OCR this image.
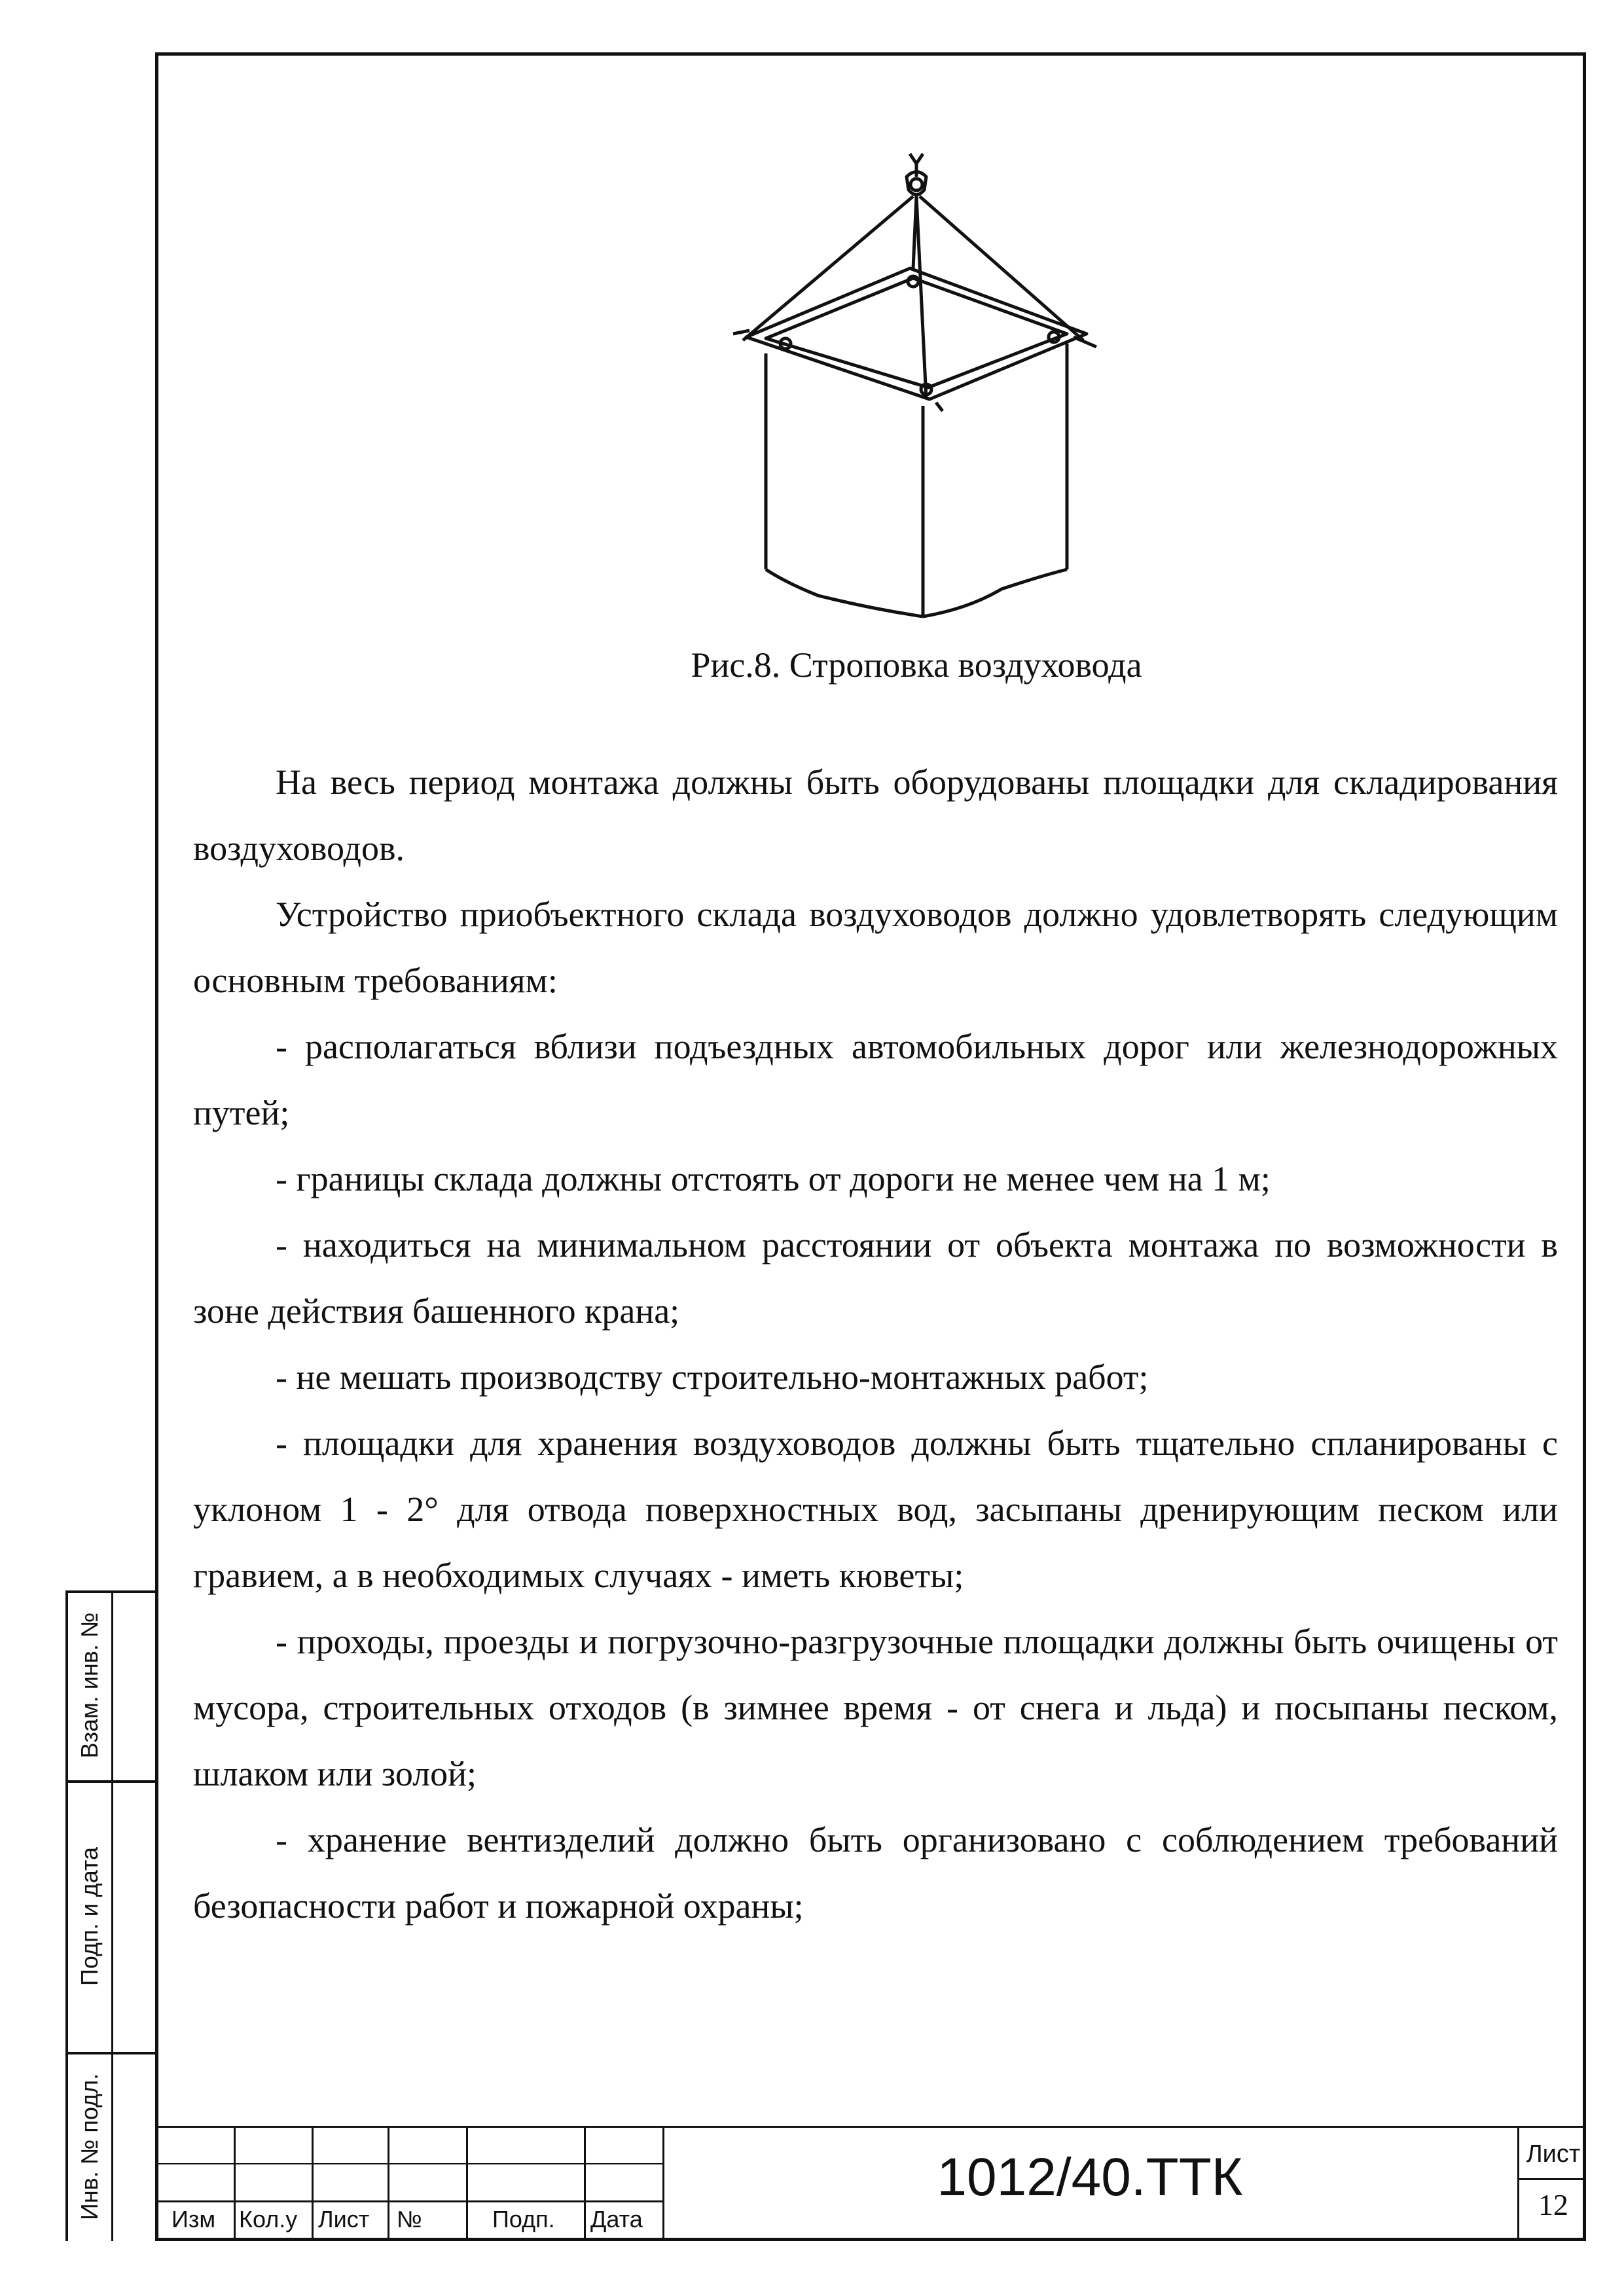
Рис.8. Строповка воздуховода

На весь период монтажа должны быть оборудованы площадки для складирования воздуховодов.

Устройство приобъектного склада воздуховодов должно удовлетворять следующим основным требованиям:

- располагаться вблизи подъездных автомобильных дорог или железнодорожных путей;

- границы склада должны отстоять от дороги не менее чем на 1 м;

- находиться на минимальном расстоянии от объекта монтажа по возможности в зоне действия башенного крана;

- не мешать производству строительно-монтажных работ;

- площадки для хранения воздуховодов должны быть тщательно спланированы с уклоном 1 - 2° для отвода поверхностных вод, засыпаны дренирующим песком или гравием, а в необходимых случаях - иметь кюветы;

- проходы, проезды и погрузочно-разгрузочные площадки должны быть очищены от мусора, строительных отходов (в зимнее время - от снега и льда) и посыпаны песком, шлаком или золой;

- хранение вентизделий должно быть организовано с соблюдением требований безопасности работ и пожарной охраны;

Взам. инв. №
Подп. и дата
Инв. № подл.	Изм Кол.у Лист №	Подп. Дата
1012/40.ТТК	Лист
12
